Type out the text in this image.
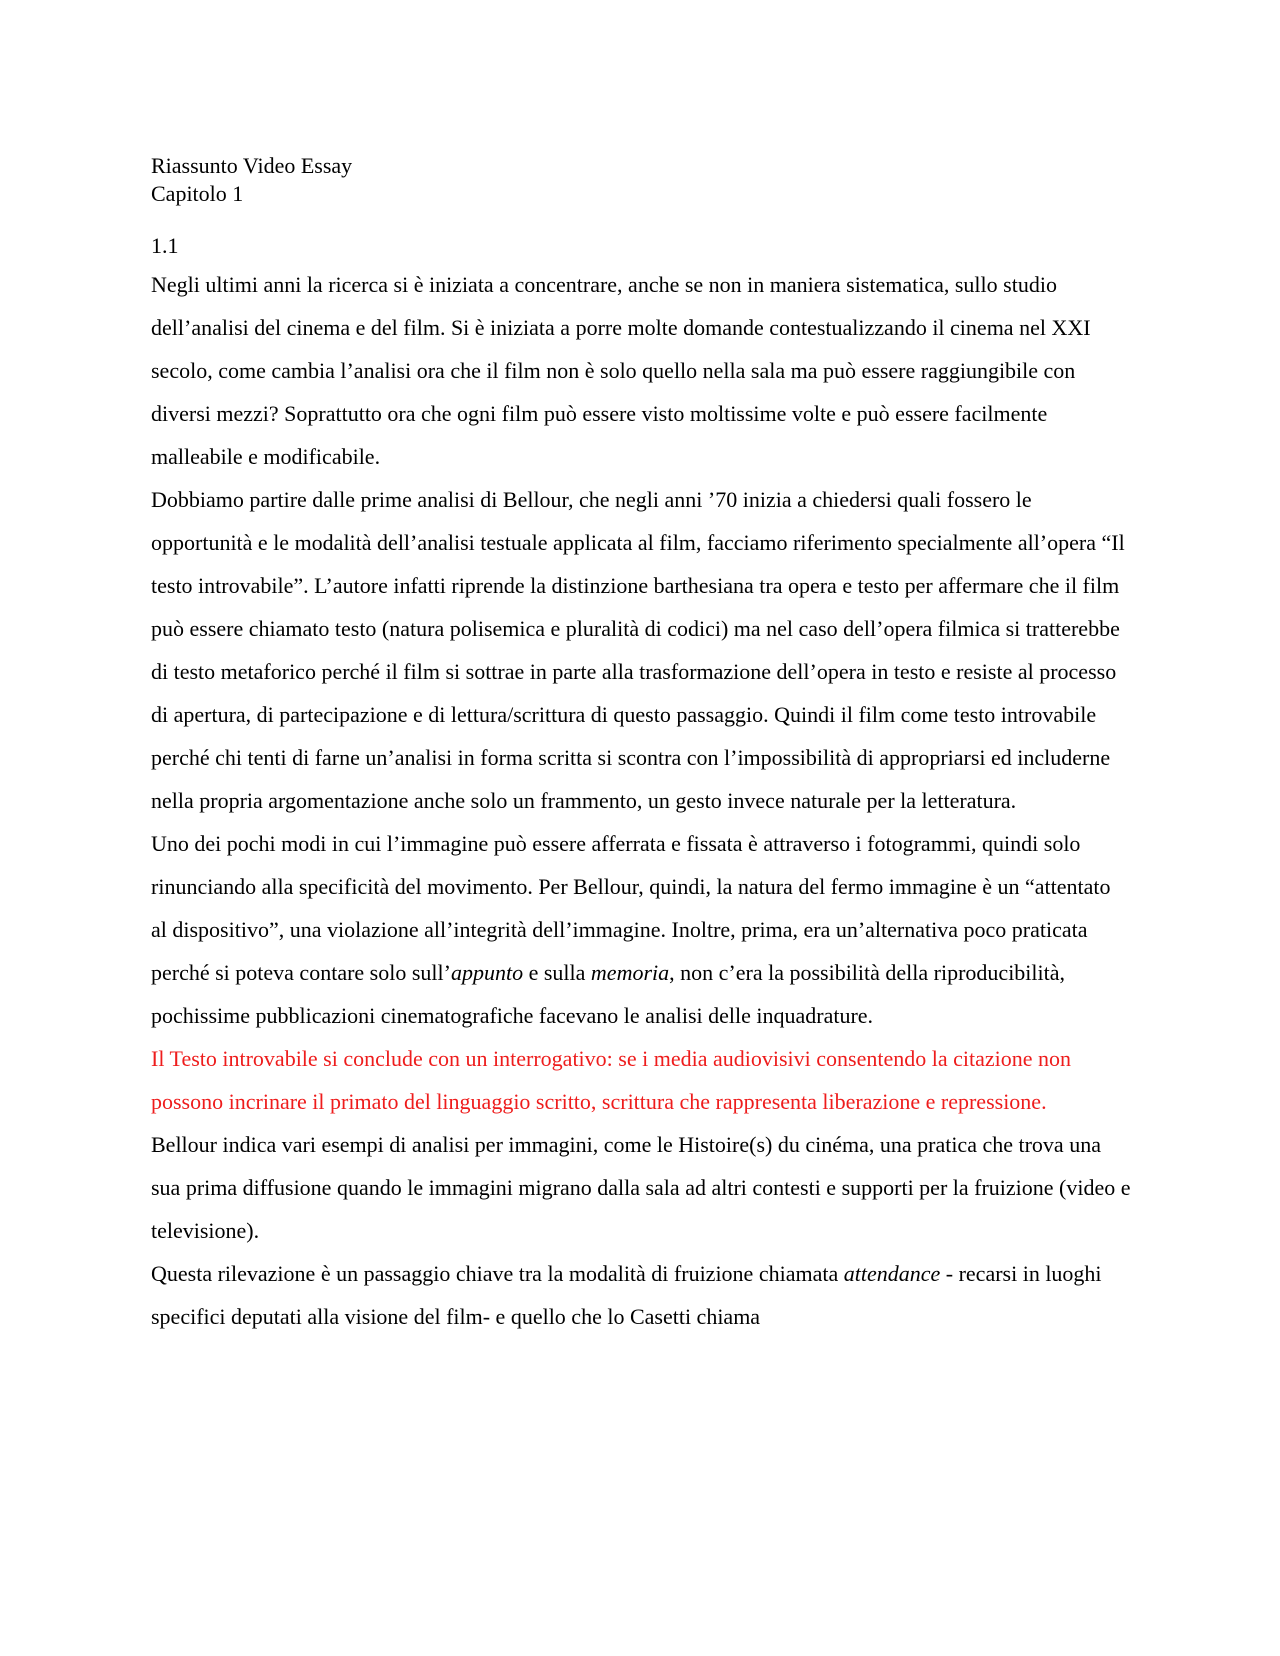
Riassunto Video Essay
Capitolo 1
1.1

Negli ultimi anni la ricerca si è iniziata a concentrare, anche se non in maniera sistematica, sullo studio dell’analisi del cinema e del film. Si è iniziata a porre molte domande contestualizzando il cinema nel XXI secolo, come cambia l’analisi ora che il film non è solo quello nella sala ma può essere raggiungibile con diversi mezzi? Soprattutto ora che ogni film può essere visto moltissime volte e può essere facilmente malleabile e modificabile.

Dobbiamo partire dalle prime analisi di Bellour, che negli anni ’70 inizia a chiedersi quali fossero le opportunità e le modalità dell’analisi testuale applicata al film, facciamo riferimento specialmente all’opera “Il testo introvabile”. L’autore infatti riprende la distinzione barthesiana tra opera e testo per affermare che il film può essere chiamato testo (natura polisemica e pluralità di codici) ma nel caso dell’opera filmica si tratterebbe di testo metaforico perché il film si sottrae in parte alla trasformazione dell’opera in testo e resiste al processo di apertura, di partecipazione e di lettura/scrittura di questo passaggio. Quindi il film come testo introvabile perché chi tenti di farne un’analisi in forma scritta si scontra con l’impossibilità di appropriarsi ed includerne nella propria argomentazione anche solo un frammento, un gesto invece naturale per la letteratura.

Uno dei pochi modi in cui l’immagine può essere afferrata e fissata è attraverso i fotogrammi, quindi solo rinunciando alla specificità del movimento. Per Bellour, quindi, la natura del fermo immagine è un “attentato al dispositivo”, una violazione all’integrità dell’immagine. Inoltre, prima, era un’alternativa poco praticata perché si poteva contare solo sull’appunto e sulla memoria, non c’era la possibilità della riproducibilità, pochissime pubblicazioni cinematografiche facevano le analisi delle inquadrature.

Il Testo introvabile si conclude con un interrogativo: se i media audiovisivi consentendo la citazione non possono incrinare il primato del linguaggio scritto, scrittura che rappresenta liberazione e repressione.

Bellour indica vari esempi di analisi per immagini, come le Histoire(s) du cinéma, una pratica che trova una sua prima diffusione quando le immagini migrano dalla sala ad altri contesti e supporti per la fruizione (video e televisione).

Questa rilevazione è un passaggio chiave tra la modalità di fruizione chiamata attendance - recarsi in luoghi specifici deputati alla visione del film- e quello che lo Casetti chiama
